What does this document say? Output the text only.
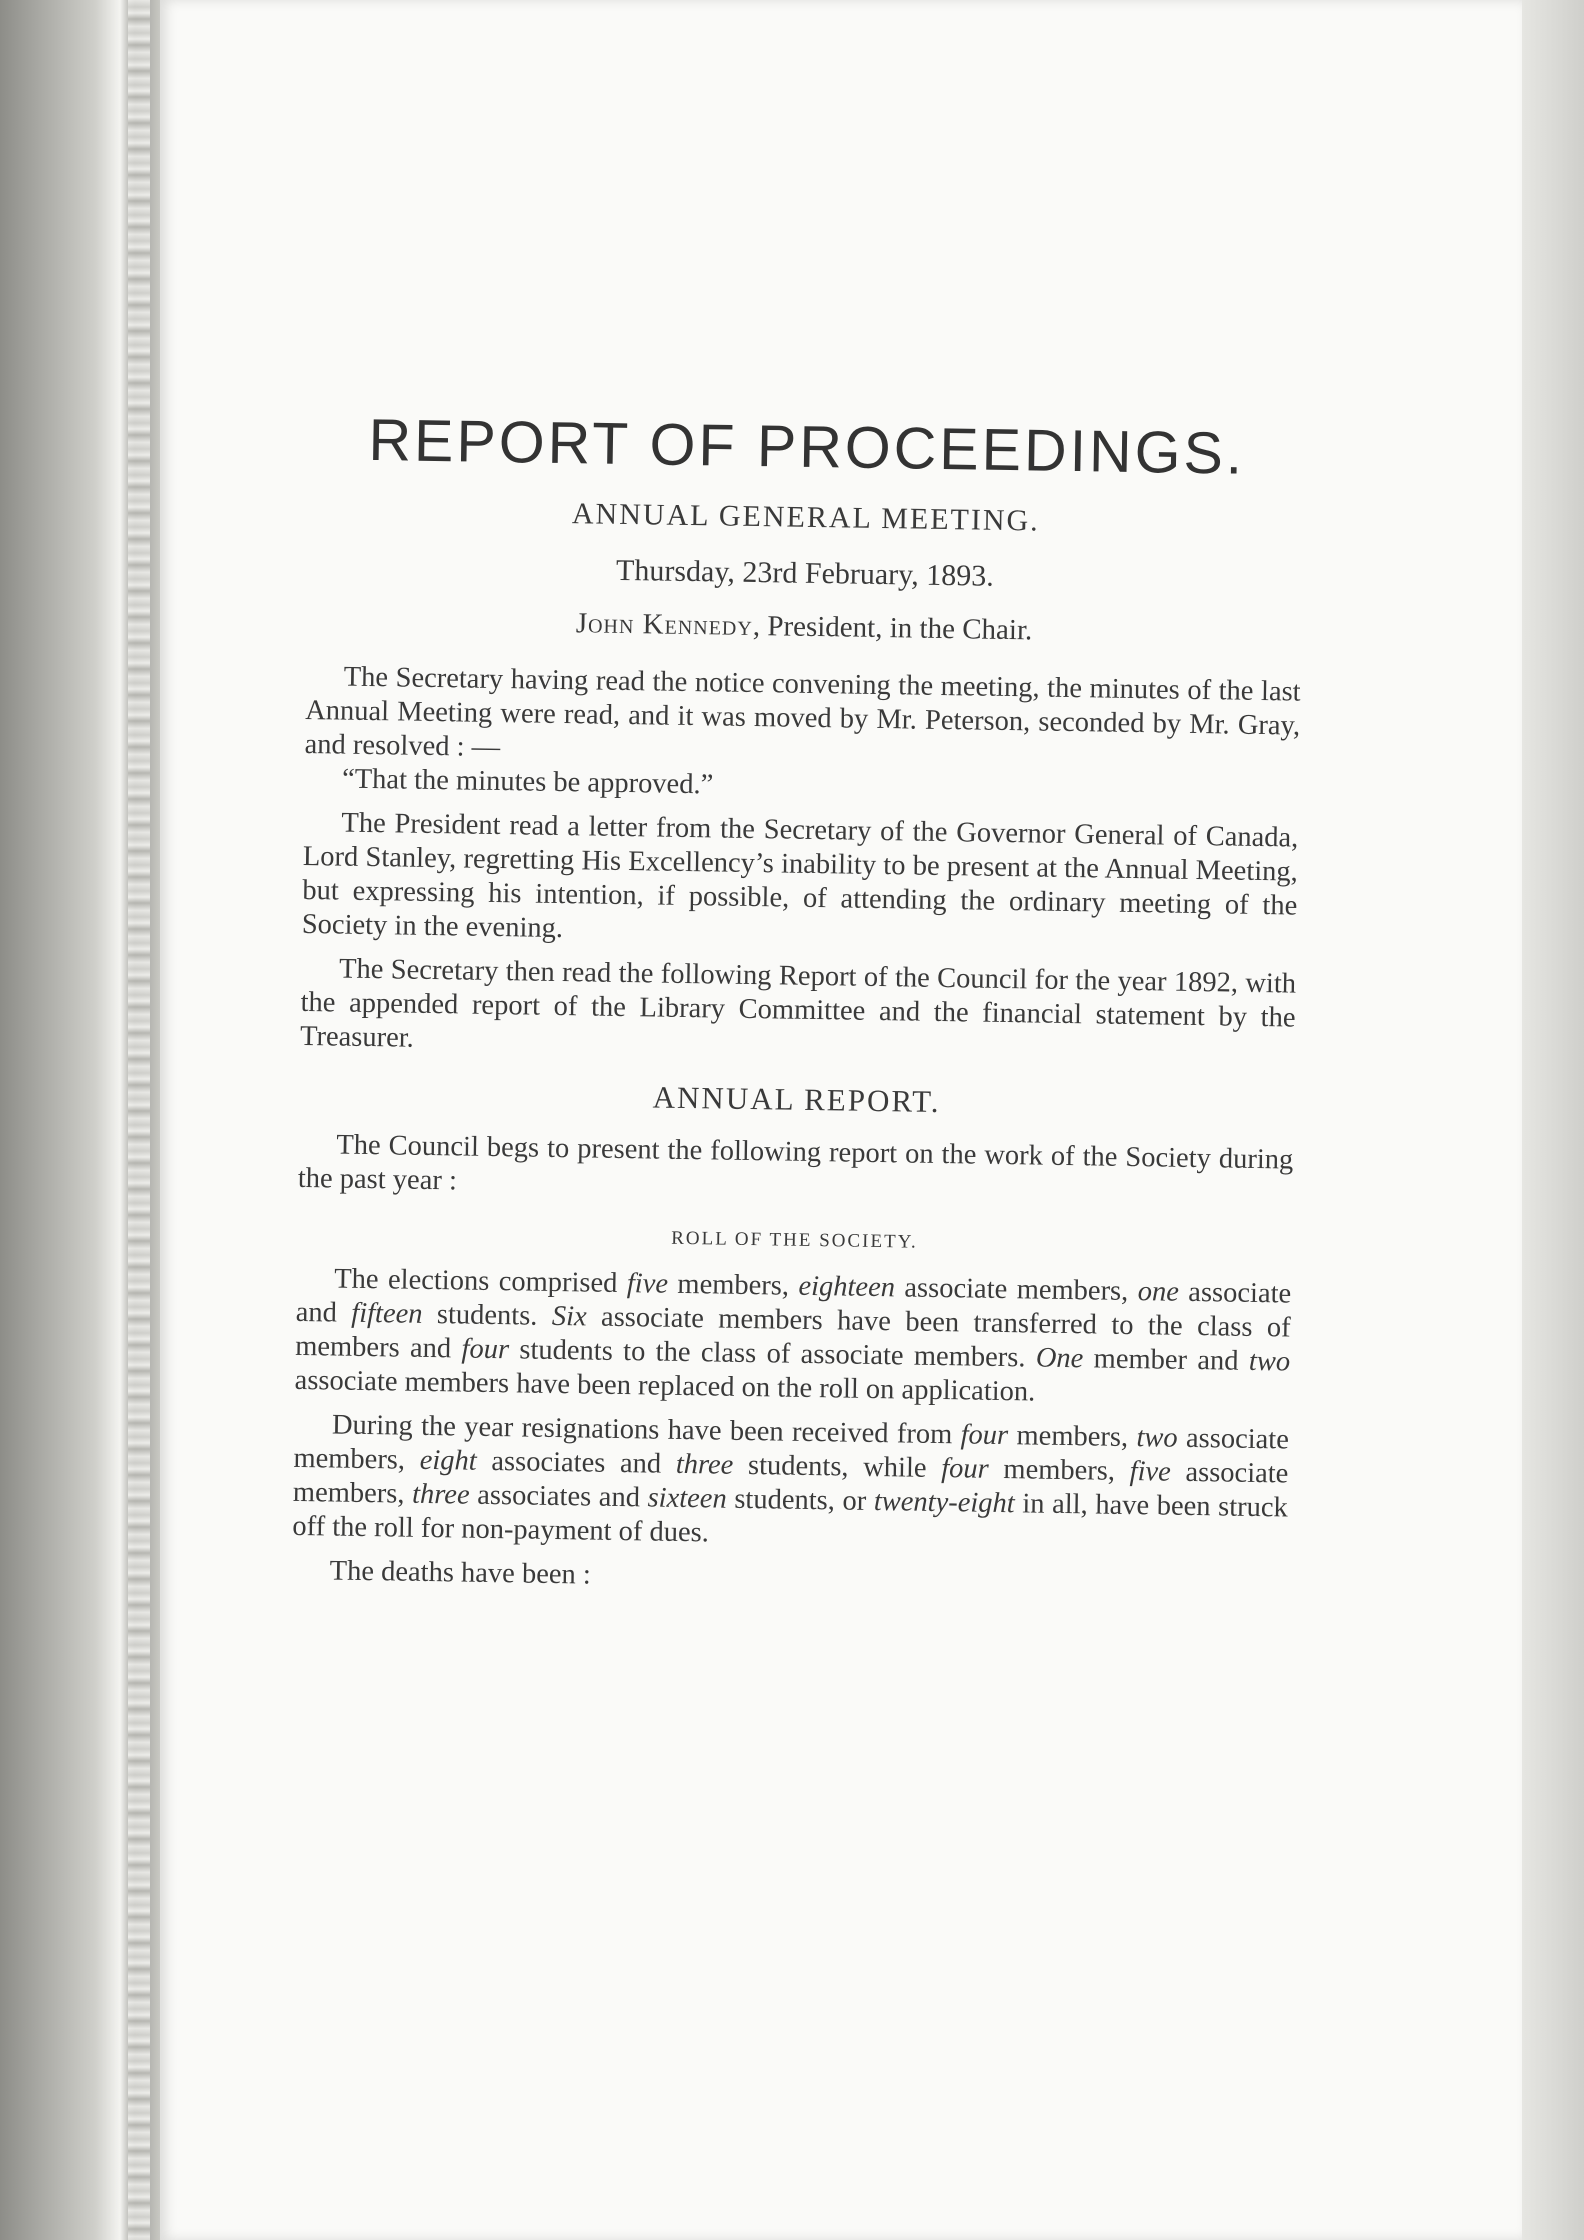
REPORT OF PROCEEDINGS.
ANNUAL GENERAL MEETING.
Thursday, 23rd February, 1893.
John Kennedy, President, in the Chair.

The Secretary having read the notice convening the meeting, the minutes of the last Annual Meeting were read, and it was moved by Mr. Peterson, seconded by Mr. Gray, and resolved : —

“That the minutes be approved.”

The President read a letter from the Secretary of the Governor General of Canada, Lord Stanley, regretting His Excellency’s inability to be present at the Annual Meeting, but expressing his intention, if possible, of attending the ordinary meeting of the Society in the evening.

The Secretary then read the following Report of the Council for the year 1892, with the appended report of the Library Committee and the financial statement by the Treasurer.

ANNUAL REPORT.

The Council begs to present the following report on the work of the Society during the past year :

ROLL OF THE SOCIETY.

The elections comprised five members, eighteen associate members, one associate and fifteen students. Six associate members have been transferred to the class of members and four students to the class of associate members. One member and two associate members have been replaced on the roll on application.

During the year resignations have been received from four members, two associate members, eight associates and three students, while four members, five associate members, three associates and sixteen students, or twenty-eight in all, have been struck off the roll for non-payment of dues.

The deaths have been :
